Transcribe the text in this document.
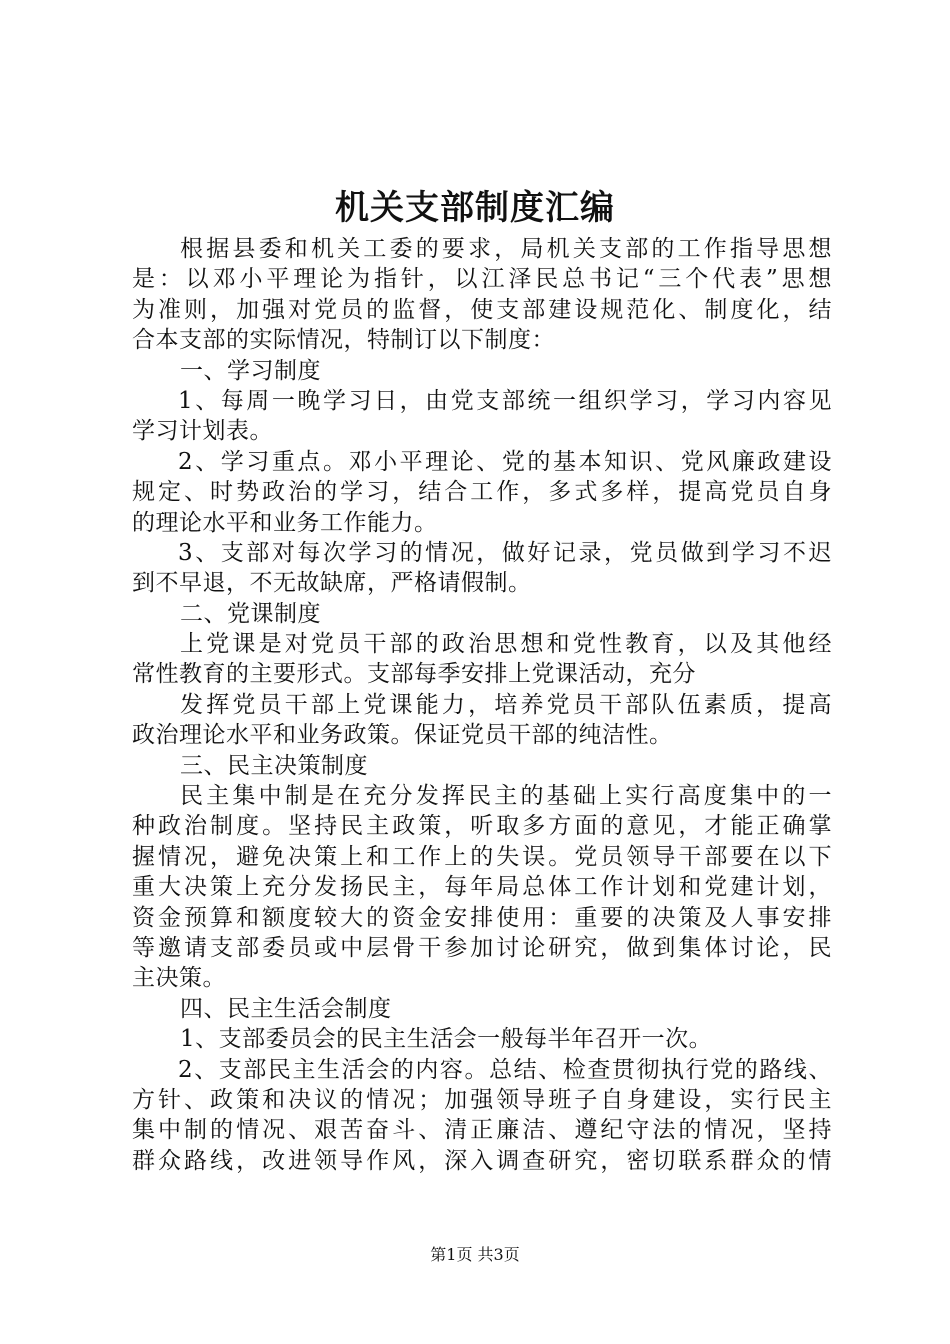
机关支部制度汇编
根据县委和机关工委的要求，局机关支部的工作指导思想
是：以邓小平理论为指针，以江泽民总书记“三个代表”思想
为准则，加强对党员的监督，使支部建设规范化、制度化，结
合本支部的实际情况，特制订以下制度：
一、学习制度
1、每周一晚学习日，由党支部统一组织学习，学习内容见
学习计划表。
2、学习重点。邓小平理论、党的基本知识、党风廉政建设
规定、时势政治的学习，结合工作，多式多样，提高党员自身
的理论水平和业务工作能力。
3、支部对每次学习的情况，做好记录，党员做到学习不迟
到不早退，不无故缺席，严格请假制。
二、党课制度
上党课是对党员干部的政治思想和党性教育，以及其他经
常性教育的主要形式。支部每季安排上党课活动，充分
发挥党员干部上党课能力，培养党员干部队伍素质，提高
政治理论水平和业务政策。保证党员干部的纯洁性。
三、民主决策制度
民主集中制是在充分发挥民主的基础上实行高度集中的一
种政治制度。坚持民主政策，听取多方面的意见，才能正确掌
握情况，避免决策上和工作上的失误。党员领导干部要在以下
重大决策上充分发扬民主，每年局总体工作计划和党建计划，
资金预算和额度较大的资金安排使用：重要的决策及人事安排
等邀请支部委员或中层骨干参加讨论研究，做到集体讨论，民
主决策。
四、民主生活会制度
1、支部委员会的民主生活会一般每半年召开一次。
2、支部民主生活会的内容。总结、检查贯彻执行党的路线、
方针、政策和决议的情况；加强领导班子自身建设，实行民主
集中制的情况、艰苦奋斗、清正廉洁、遵纪守法的情况，坚持
群众路线，改进领导作风，深入调查研究，密切联系群众的情
第1页 共3页
